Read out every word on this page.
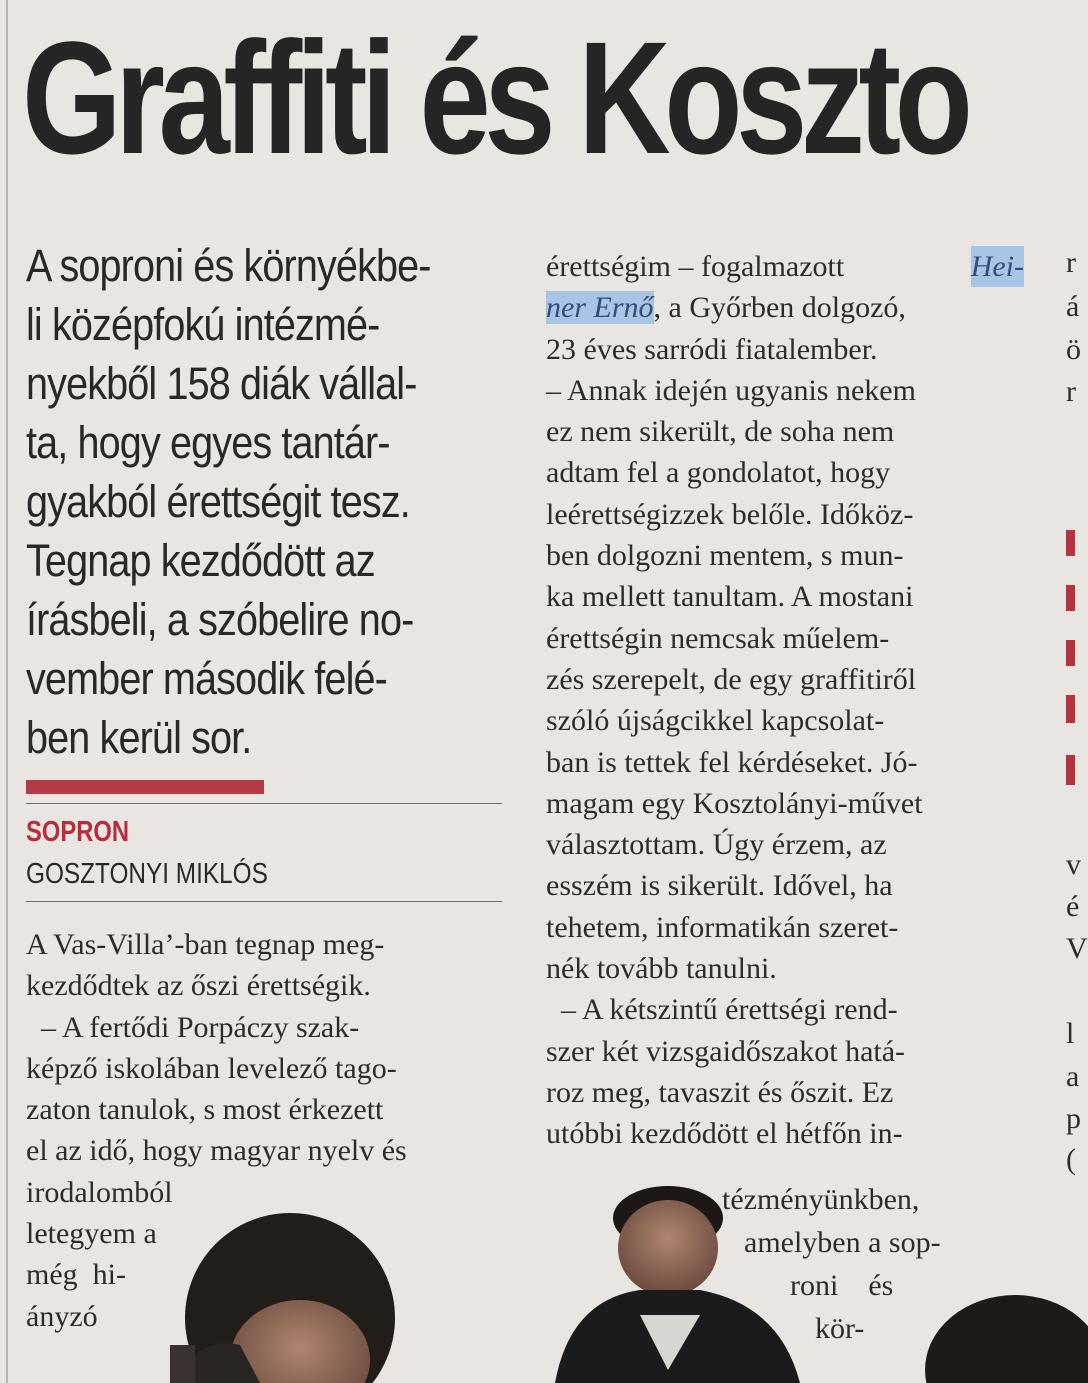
Graffiti és Koszto
A soproni és környékbe-
li középfokú intézmé-
nyekből 158 diák vállal-
ta, hogy egyes tantár-
gyakból érettségit tesz.
Tegnap kezdődött az
írásbeli, a szóbelire no-
vember második felé-
ben kerül sor.
SOPRON
GOSZTONYI MIKLÓS
A Vas-Villa’-ban tegnap meg-
kezdődtek az őszi érettségik.
– A fertődi Porpáczy szak-
képző iskolában levelező tago-
zaton tanulok, s most érkezett
el az idő, hogy magyar nyelv és
irodalomból
letegyem a
még  hi-
ányzó
érettségim – fogalmazott	Hei-
ner Ernő, a Győrben dolgozó,
23 éves sarródi fiatalember.
– Annak idején ugyanis nekem
ez nem sikerült, de soha nem
adtam fel a gondolatot, hogy
leérettségizzek belőle. Időköz-
ben dolgozni mentem, s mun-
ka mellett tanultam. A mostani
érettségin nemcsak műelem-
zés szerepelt, de egy graffitiről
szóló újságcikkel kapcsolat-
ban is tettek fel kérdéseket. Jó-
magam egy Kosztolányi-művet
választottam. Úgy érzem, az
esszém is sikerült. Idővel, ha
tehetem, informatikán szeret-
nék tovább tanulni.
– A kétszintű érettségi rend-
szer két vizsgaidőszakot hatá-
roz meg, tavaszit és őszit. Ez
utóbbi kezdődött el hétfőn in-
tézményünkben,
amelyben a sop-
roni    és
kör-
r
á
ö
r
v
é
V
l
a
p
(
